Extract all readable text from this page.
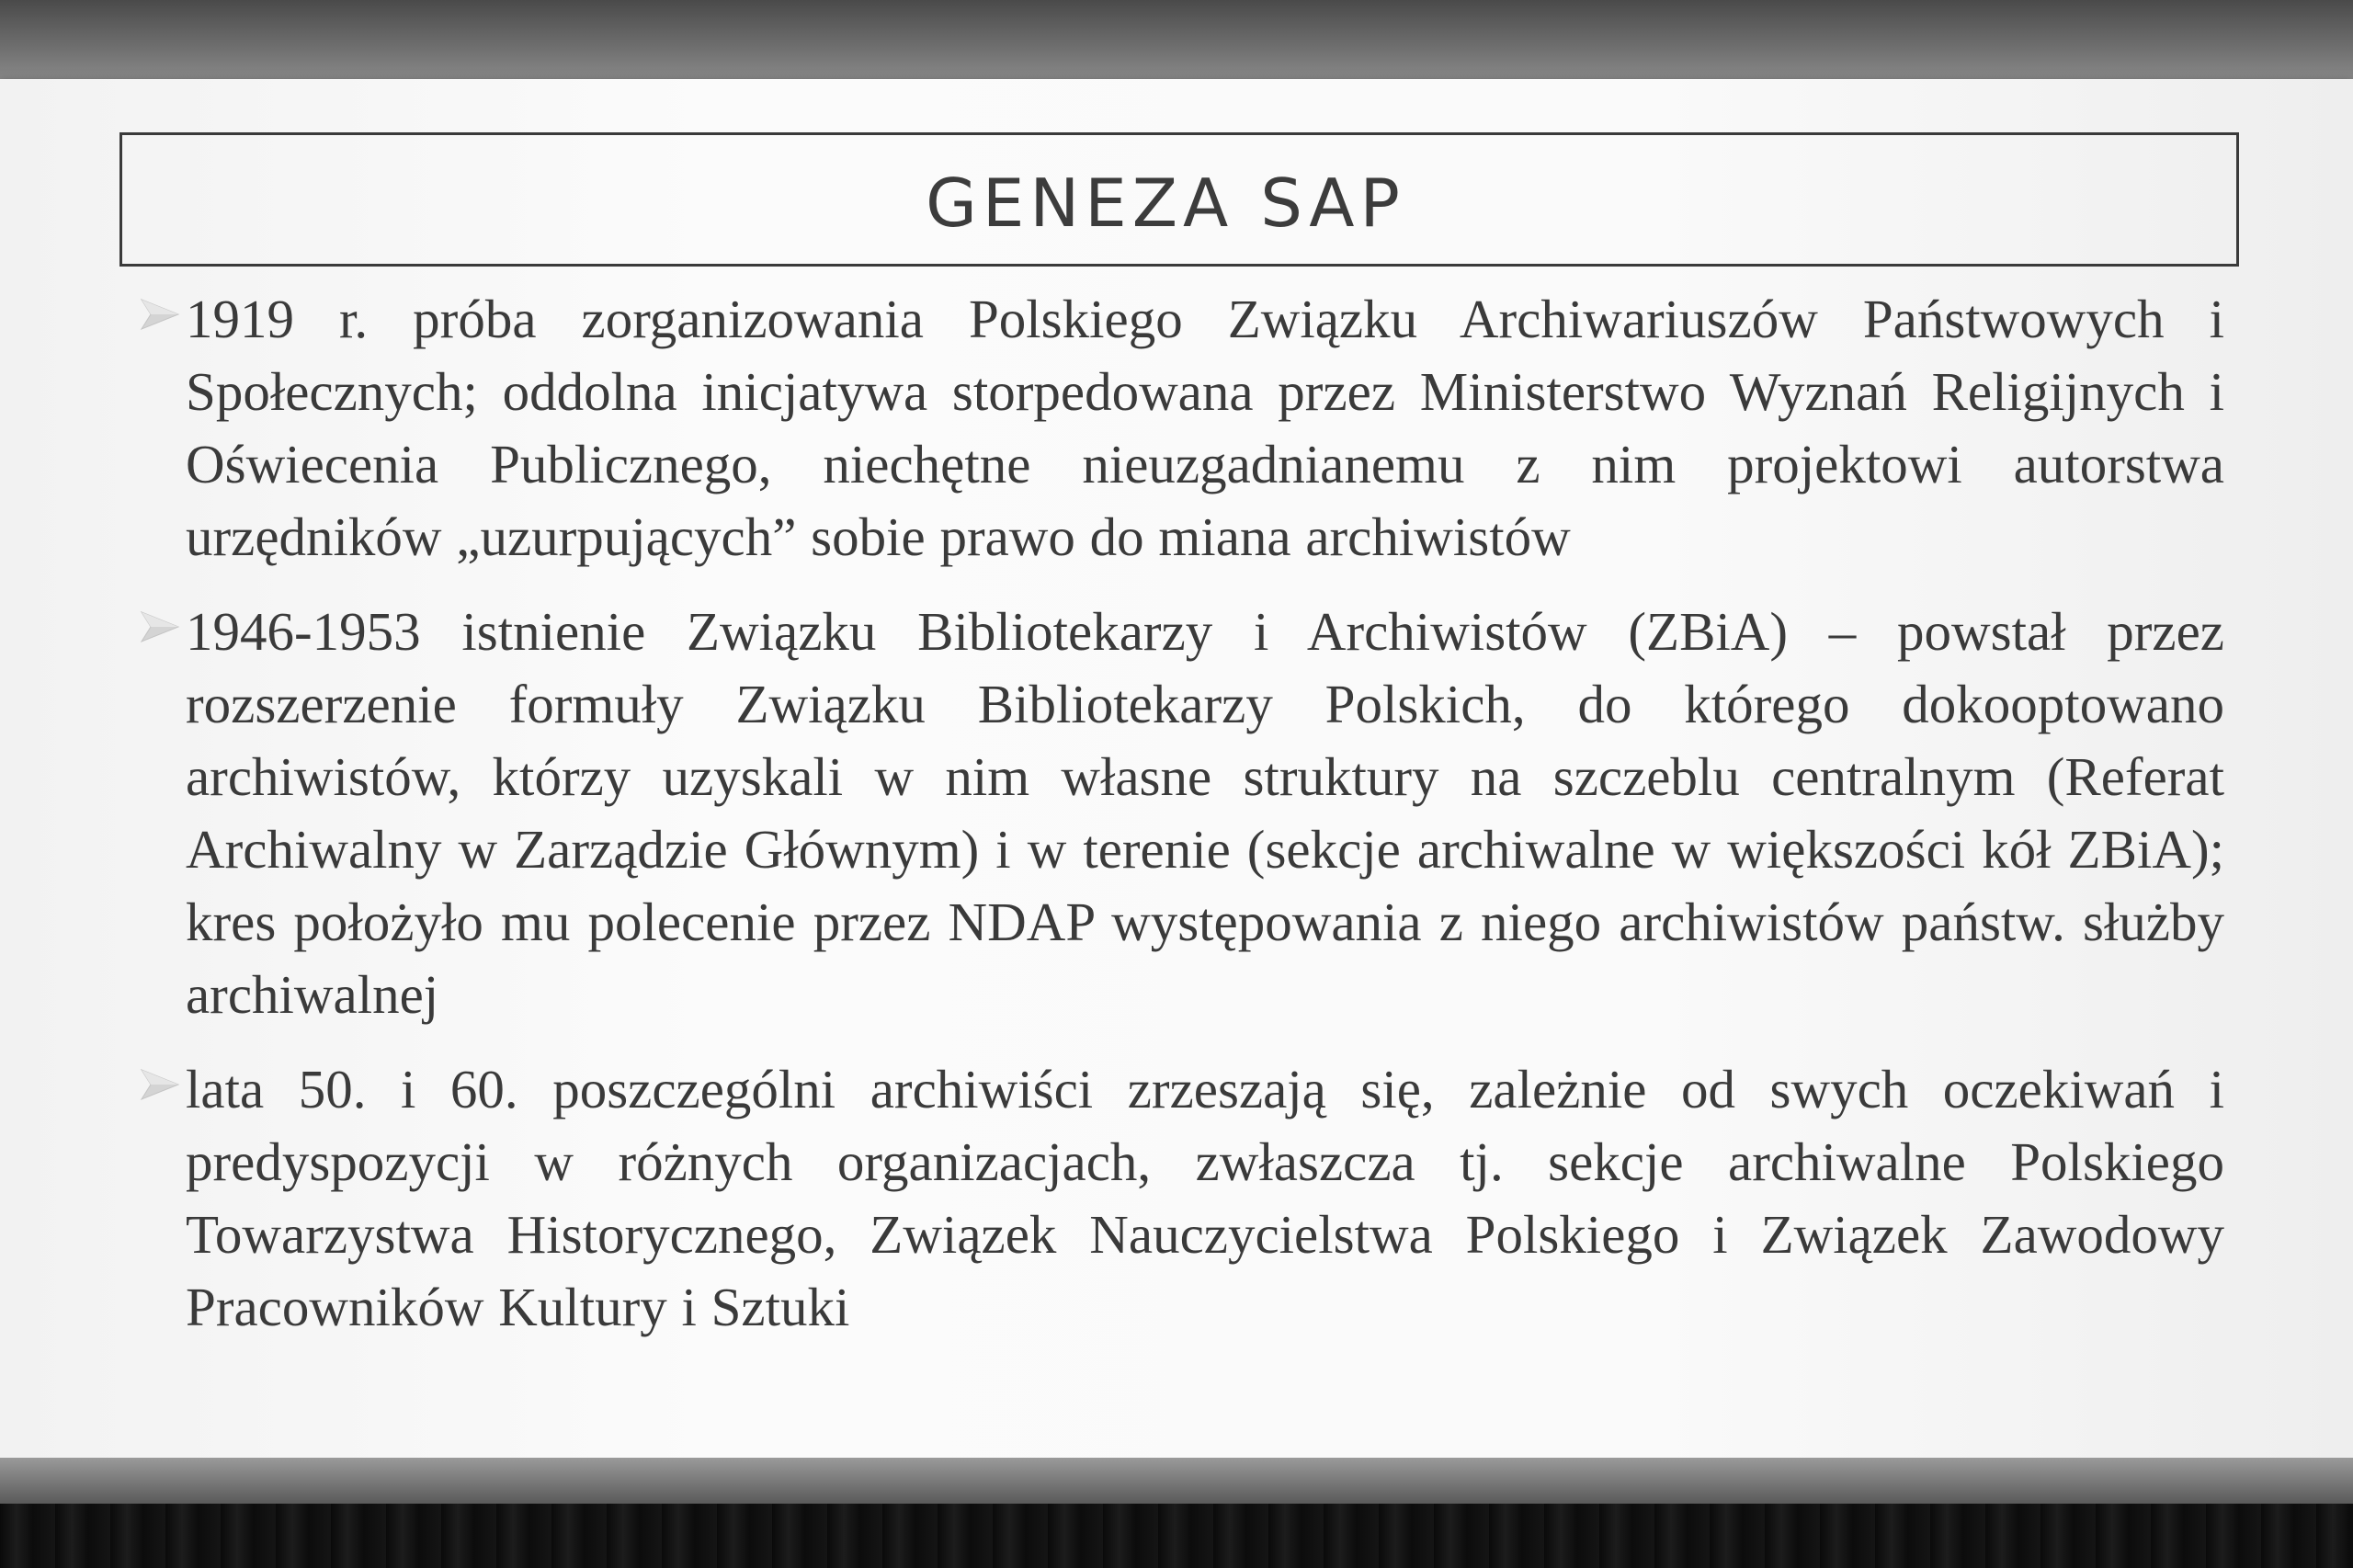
GENEZA SAP
1919 r. próba zorganizowania Polskiego Związku Archiwariuszów Państwowych i Społecznych; oddolna inicjatywa storpedowana przez Ministerstwo Wyznań Religijnych i Oświecenia Publicznego, niechętne nieuzgadnianemu z nim projektowi autorstwa urzędników „uzurpujących” sobie prawo do miana archiwistów
1946-1953 istnienie Związku Bibliotekarzy i Archiwistów (ZBiA) – powstał przez rozszerzenie formuły Związku Bibliotekarzy Polskich, do którego dokooptowano archiwistów, którzy uzyskali w nim własne struktury na szczeblu centralnym (Referat Archiwalny w Zarządzie Głównym) i w terenie (sekcje archiwalne w większości kół ZBiA); kres położyło mu polecenie przez NDAP występowania z niego archiwistów państw. służby archiwalnej
lata 50. i 60. poszczególni archiwiści zrzeszają się, zależnie od swych oczekiwań i predyspozycji w różnych organizacjach, zwłaszcza tj. sekcje archiwalne Polskiego Towarzystwa Historycznego, Związek Nauczycielstwa Polskiego i Związek Zawodowy Pracowników Kultury i Sztuki
